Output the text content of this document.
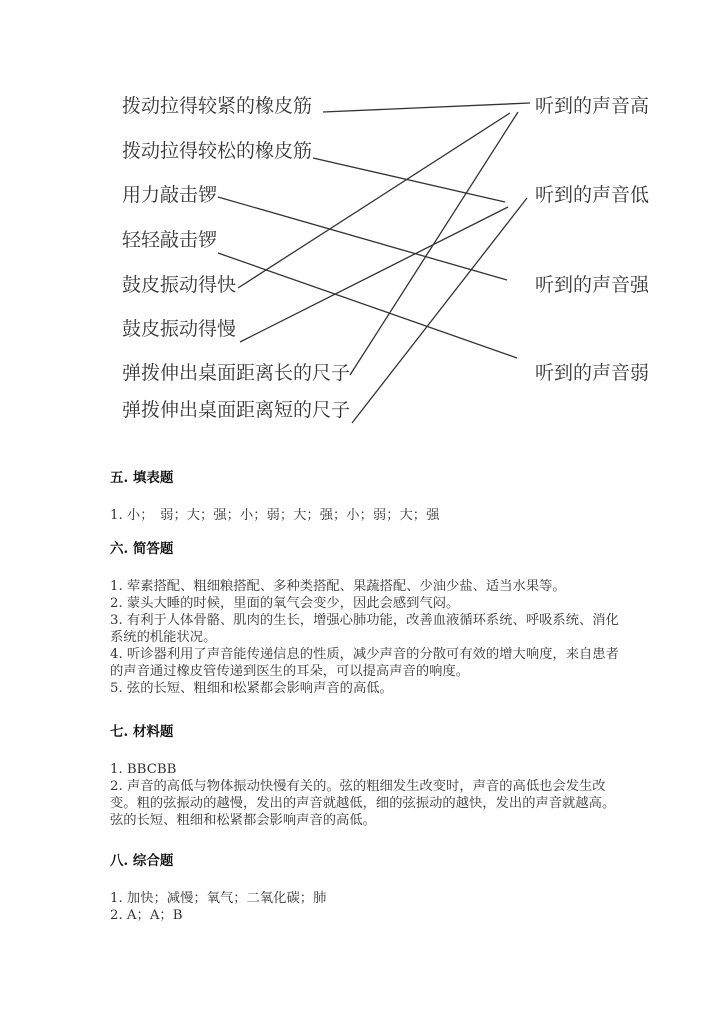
拨动拉得较紧的橡皮筋
拨动拉得较松的橡皮筋
用力敲击锣
轻轻敲击锣
鼓皮振动得快
鼓皮振动得慢
弹拨伸出桌面距离长的尺子
弹拨伸出桌面距离短的尺子
听到的声音高
听到的声音低
听到的声音强
听到的声音弱
五. 填表题

1. 小；　弱；大；强；小；弱；大；强；小；弱；大；强

六. 简答题

1. 荤素搭配、粗细粮搭配、多种类搭配、果蔬搭配、少油少盐、适当水果等。

2. 蒙头大睡的时候，里面的氧气会变少，因此会感到气闷。

3. 有利于人体骨骼、肌肉的生长，增强心肺功能，改善血液循环系统、呼吸系统、消化系统的机能状况。

4. 听诊器利用了声音能传递信息的性质，减少声音的分散可有效的增大响度，来自患者的声音通过橡皮管传递到医生的耳朵，可以提高声音的响度。

5. 弦的长短、粗细和松紧都会影响声音的高低。

七. 材料题

1. BBCBB

2. 声音的高低与物体振动快慢有关的。弦的粗细发生改变时，声音的高低也会发生改变。粗的弦振动的越慢，发出的声音就越低，细的弦振动的越快，发出的声音就越高。弦的长短、粗细和松紧都会影响声音的高低。

八. 综合题

1. 加快；减慢；氧气；二氧化碳；肺

2. A；A；B
